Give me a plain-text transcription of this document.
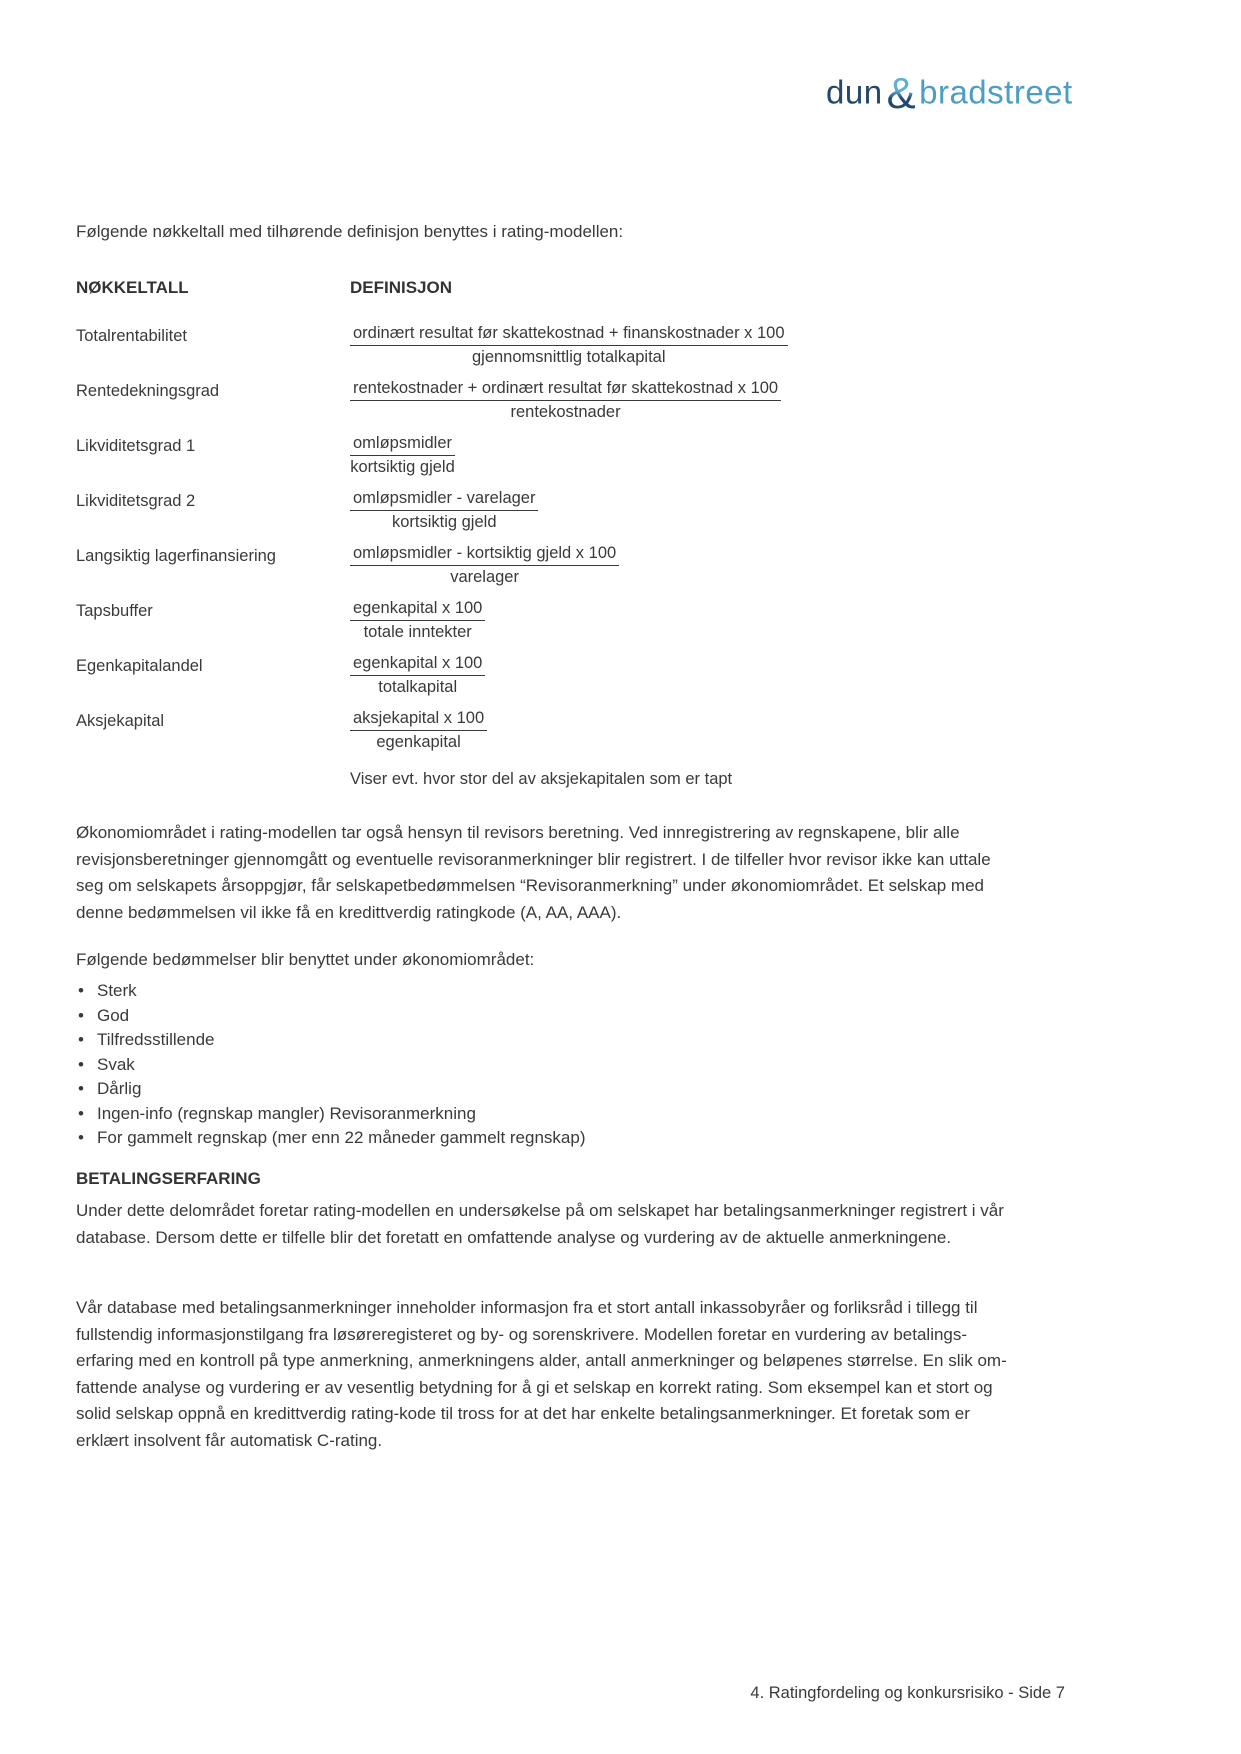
dun&bradstreet
Følgende nøkkeltall med tilhørende definisjon benyttes i rating-modellen:
NØKKELTALL	DEFINISJON
Totalrentabilitet	$\frac{\text{ordinært resultat før skattekostnad + finanskostnader x 100}}{\text{gjennomsnittlig totalkapital}}$
Rentedekningsgrad	$\frac{\text{rentekostnader + ordinært resultat før skattekostnad x 100}}{\text{rentekostnader}}$
Likviditetsgrad 1	$\frac{\text{omløpsmidler}}{\text{kortsiktig gjeld}}$
Likviditetsgrad 2	$\frac{\text{omløpsmidler - varelager}}{\text{kortsiktig gjeld}}$
Langsiktig lagerfinansiering	$\frac{\text{omløpsmidler - kortsiktig gjeld x 100}}{\text{varelager}}$
Tapsbuffer	$\frac{\text{egenkapital x 100}}{\text{totale inntekter}}$
Egenkapitalandel	$\frac{\text{egenkapital x 100}}{\text{totalkapital}}$
Aksjekapital	$\frac{\text{aksjekapital x 100}}{\text{egenkapital}}$
Viser evt. hvor stor del av aksjekapitalen som er tapt
Økonomiområdet i rating-modellen tar også hensyn til revisors beretning. Ved innregistrering av regnskapene, blir alle revisjonsberetninger gjennomgått og eventuelle revisoranmerkninger blir registrert. I de tilfeller hvor revisor ikke kan uttale seg om selskapets årsoppgjør, får selskapetbedømmelsen “Revisoranmerkning” under økonomiområdet. Et selskap med denne bedømmelsen vil ikke få en kredittverdig ratingkode (A, AA, AAA).
Følgende bedømmelser blir benyttet under økonomiområdet:
• Sterk
• God
• Tilfredsstillende
• Svak
• Dårlig
• Ingen-info (regnskap mangler) Revisoranmerkning
• For gammelt regnskap (mer enn 22 måneder gammelt regnskap)
BETALINGSERFARING
Under dette delområdet foretar rating-modellen en undersøkelse på om selskapet har betalingsanmerkninger registrert i vår database. Dersom dette er tilfelle blir det foretatt en omfattende analyse og vurdering av de aktuelle anmerkningene.
Vår database med betalingsanmerkninger inneholder informasjon fra et stort antall inkassobyråer og forliksråd i tillegg til fullstendig informasjonstilgang fra løsøreregisteret og by- og sorenskrivere. Modellen foretar en vurdering av betalings- erfaring med en kontroll på type anmerkning, anmerkningens alder, antall anmerkninger og beløpenes størrelse. En slik om- fattende analyse og vurdering er av vesentlig betydning for å gi et selskap en korrekt rating. Som eksempel kan et stort og solid selskap oppnå en kredittverdig rating-kode til tross for at det har enkelte betalingsanmerkninger. Et foretak som er erklært insolvent får automatisk C-rating.
4. Ratingfordeling og konkursrisiko - Side 7
